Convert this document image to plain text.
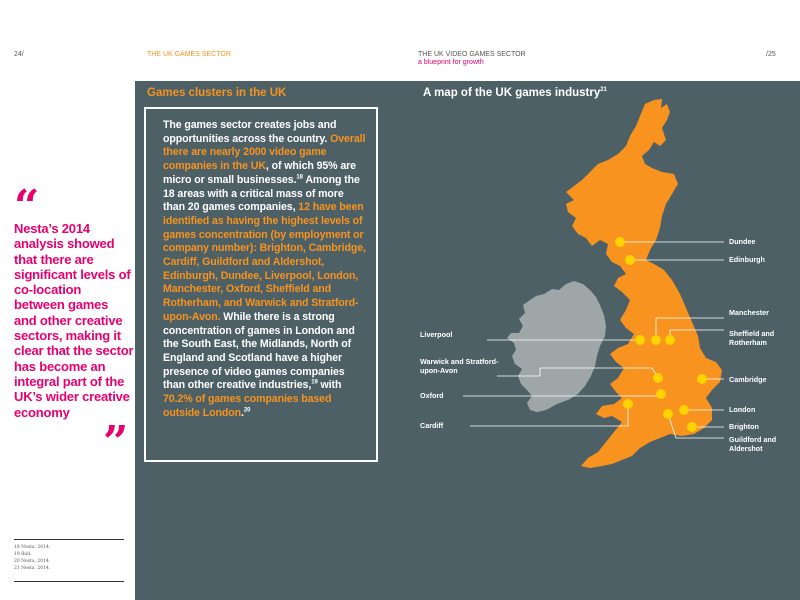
24/	THE UK GAMES SECTOR	THE UK VIDEO GAMES SECTOR
a blueprint for growth
/25
“
Nesta’s 2014 analysis showed that there are significant levels of co-location between games and other creative sectors, making it clear that the sector has become an integral part of the UK’s wider creative economy
”
18 Nesta, 2014.
19 Ibid.
20 Nesta, 2014.
21 Nesta, 2014.
Games clusters in the UK	A map of the UK games industry$^{21}$
The games sector creates jobs and opportunities across the country. Overall there are nearly 2000 video game companies in the UK, of which 95% are micro or small businesses.$^{18}$ Among the 18 areas with a critical mass of more than 20 games companies, 12 have been identified as having the highest levels of games concentration (by employment or company number): Brighton, Cambridge, Cardiff, Guildford and Aldershot, Edinburgh, Dundee, Liverpool, London, Manchester, Oxford, Sheffield and Rotherham, and Warwick and Stratford-upon-Avon. While there is a strong concentration of games in London and the South East, the Midlands, North of England and Scotland have a higher presence of video games companies than other creative industries,$^{19}$ with 70.2% of games companies based outside London.$^{20}$
Dundee
Edinburgh
Manchester
Sheffield and Rotherham
Liverpool
Warwick and Stratford-upon-Avon
Cambridge
Oxford
London
Cardiff	Brighton
Guildford and Aldershot
